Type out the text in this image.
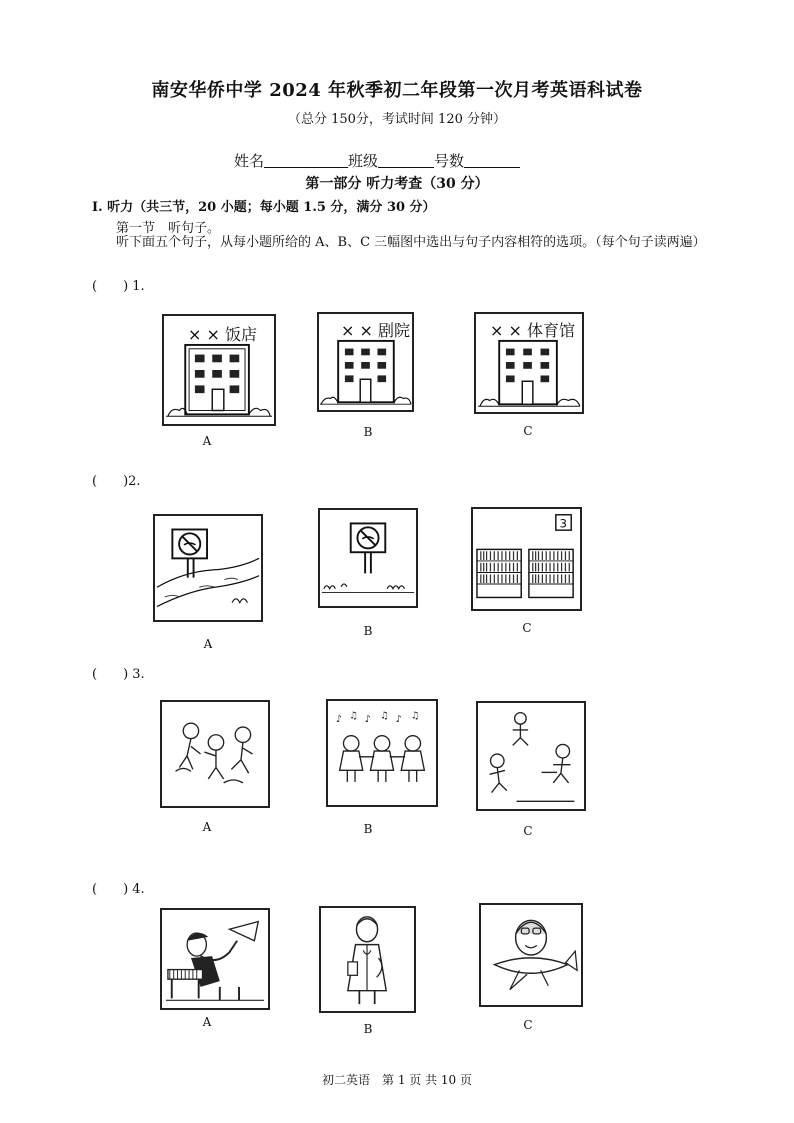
南安华侨中学 2024 年秋季初二年段第一次月考英语科试卷
（总分 150分，考试时间 120 分钟）
姓名	班级	号数
第一部分 听力考查（30 分）
I. 听力（共三节，20 小题；每小题 1.5 分，满分 30 分）
第一节　听句子。
听下面五个句子，从每小题所给的 A、B、C 三幅图中选出与句子内容相符的选项。（每个句子读两遍）
(　　) 1.
× × 饭店
A
× × 剧院
B
× × 体育馆
C
(　　)2.
A
B
3
C
(　　) 3.
A
♪ ♫ ♪ ♫ ♪ ♫
B	C
(　　) 4.
A	B	C
初二英语　第 1 页 共 10 页
